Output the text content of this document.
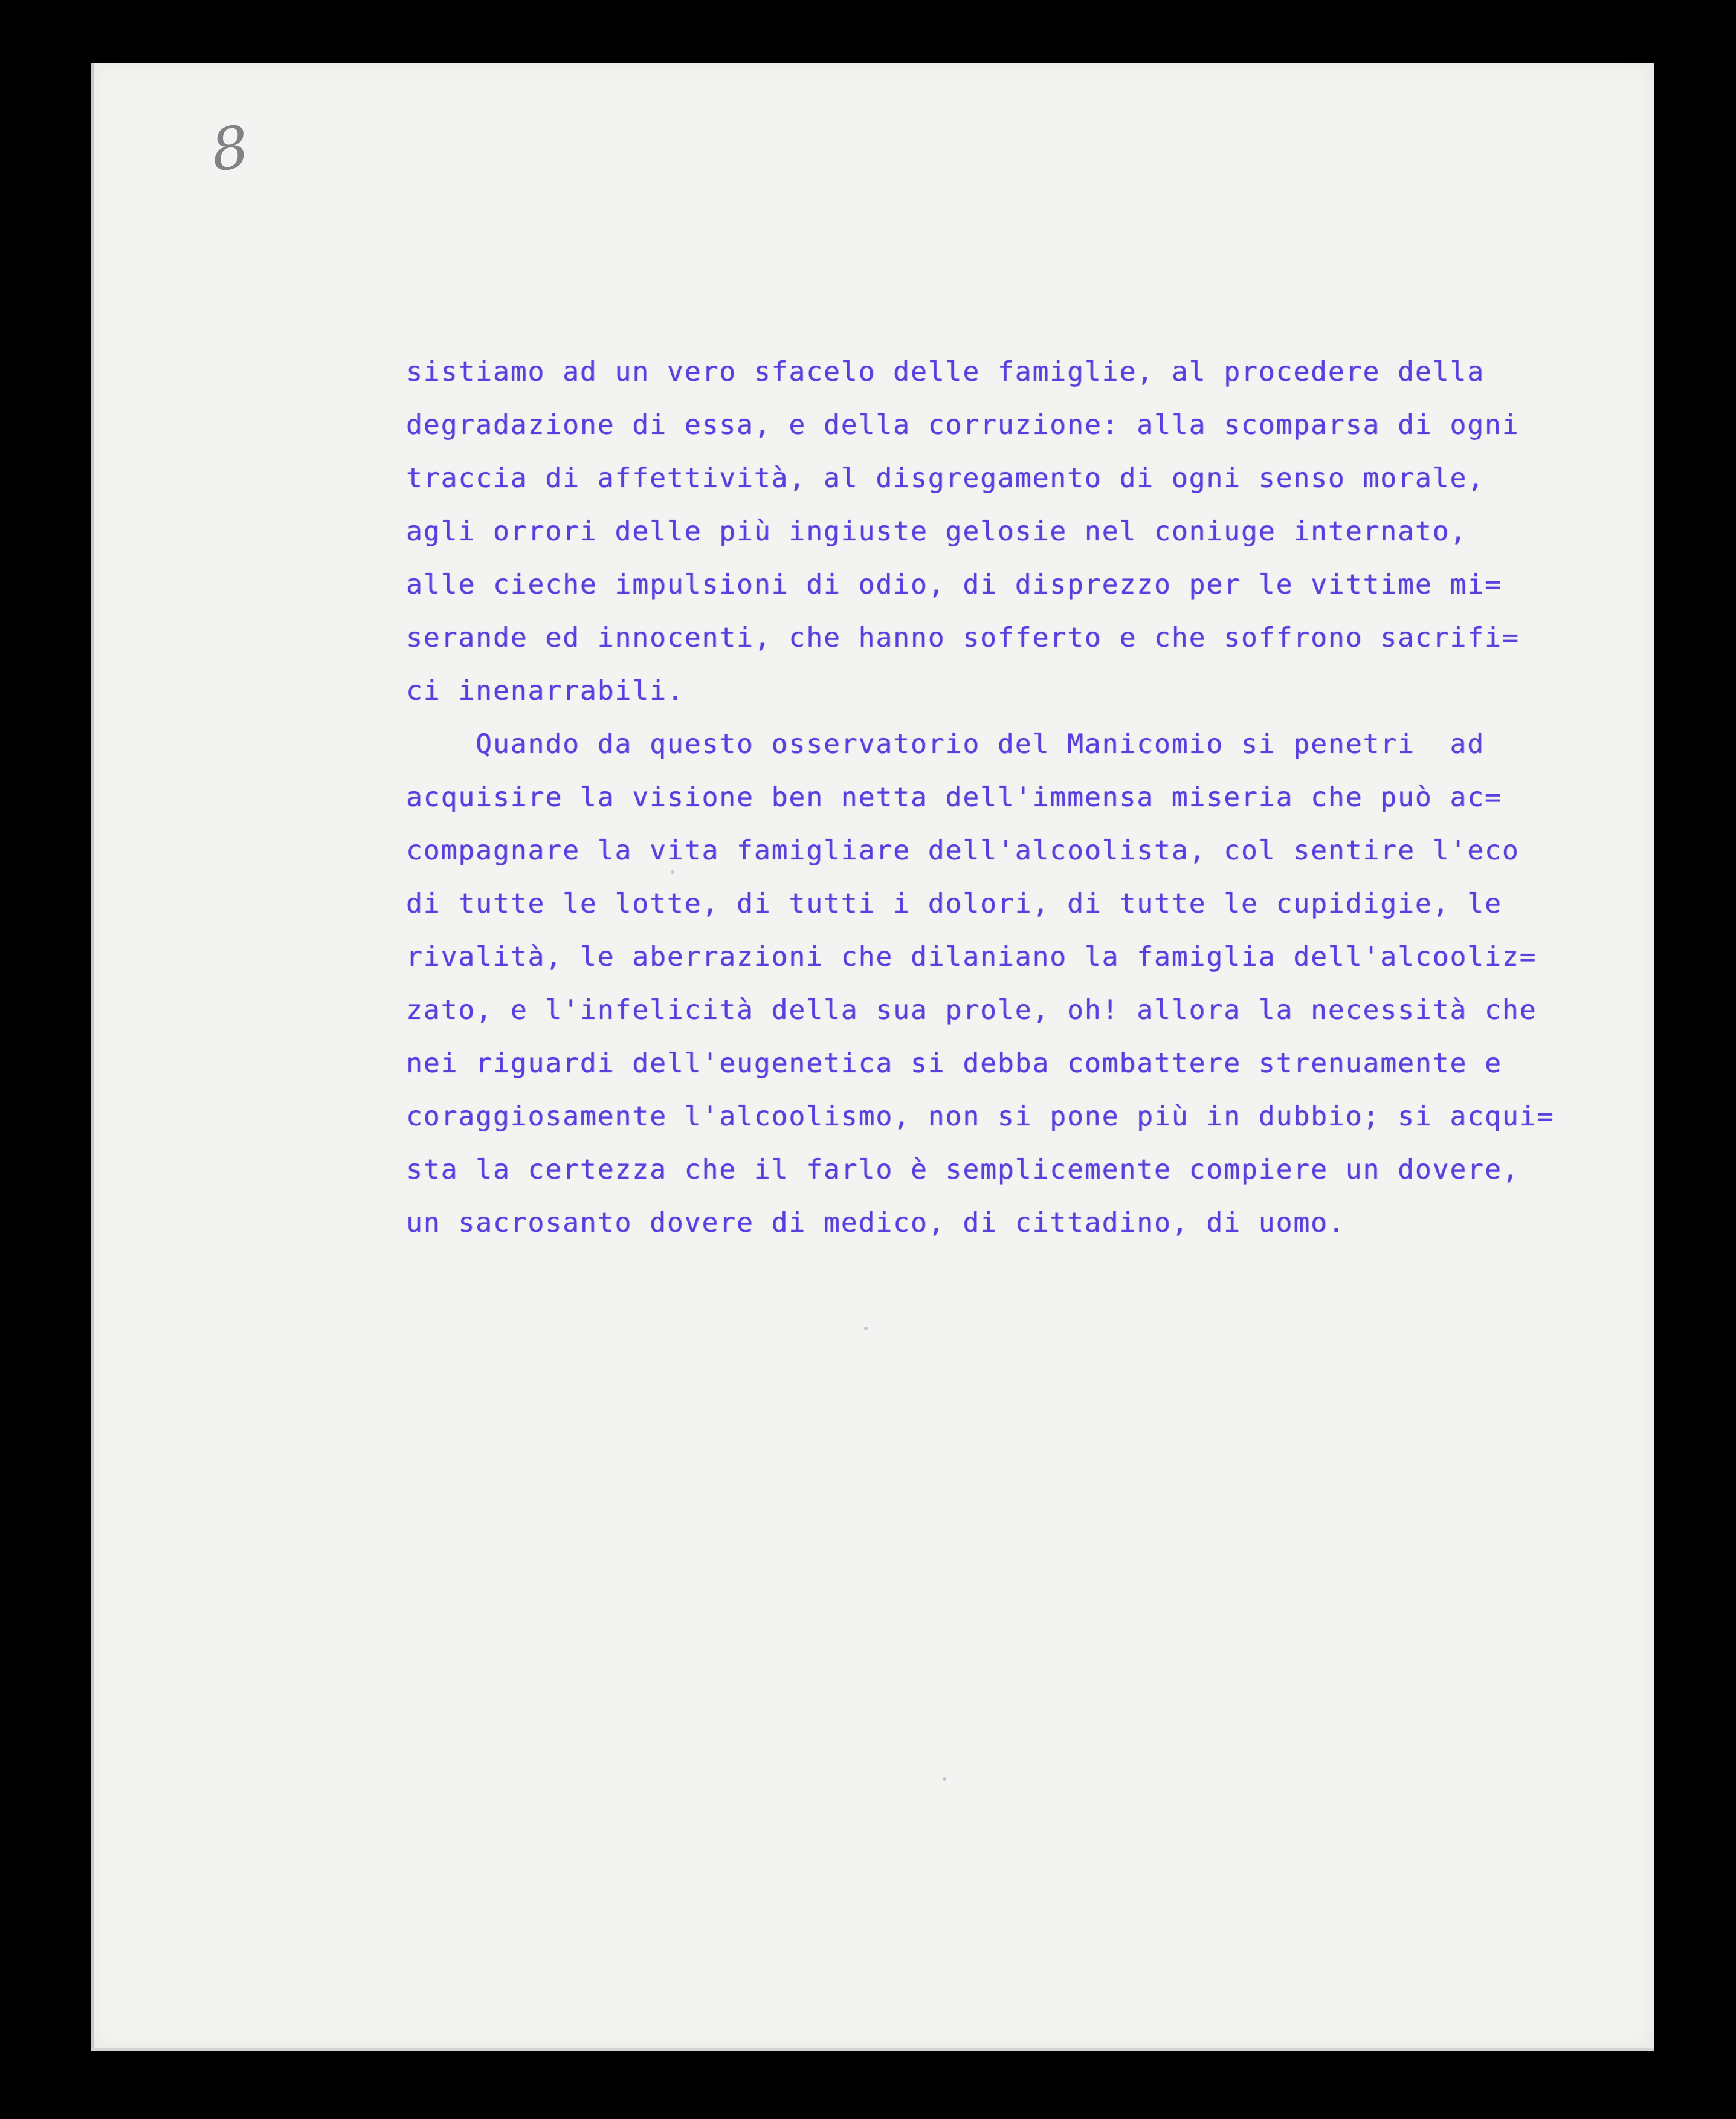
8
sistiamo ad un vero sfacelo delle famiglie, al procedere della
degradazione di essa, e della corruzione: alla scomparsa di ogni
traccia di affettività, al disgregamento di ogni senso morale,
agli orrori delle più ingiuste gelosie nel coniuge internato,
alle cieche impulsioni di odio, di disprezzo per le vittime mi=
serande ed innocenti, che hanno sofferto e che soffrono sacrifi=
ci inenarrabili.
Quando da questo osservatorio del Manicomio si penetri  ad
acquisire la visione ben netta dell'immensa miseria che può ac=
compagnare la vita famigliare dell'alcoolista, col sentire l'eco
di tutte le lotte, di tutti i dolori, di tutte le cupidigie, le
rivalità, le aberrazioni che dilaniano la famiglia dell'alcooliz=
zato, e l'infelicità della sua prole, oh! allora la necessità che
nei riguardi dell'eugenetica si debba combattere strenuamente e
coraggiosamente l'alcoolismo, non si pone più in dubbio; si acqui=
sta la certezza che il farlo è semplicemente compiere un dovere,
un sacrosanto dovere di medico, di cittadino, di uomo.
